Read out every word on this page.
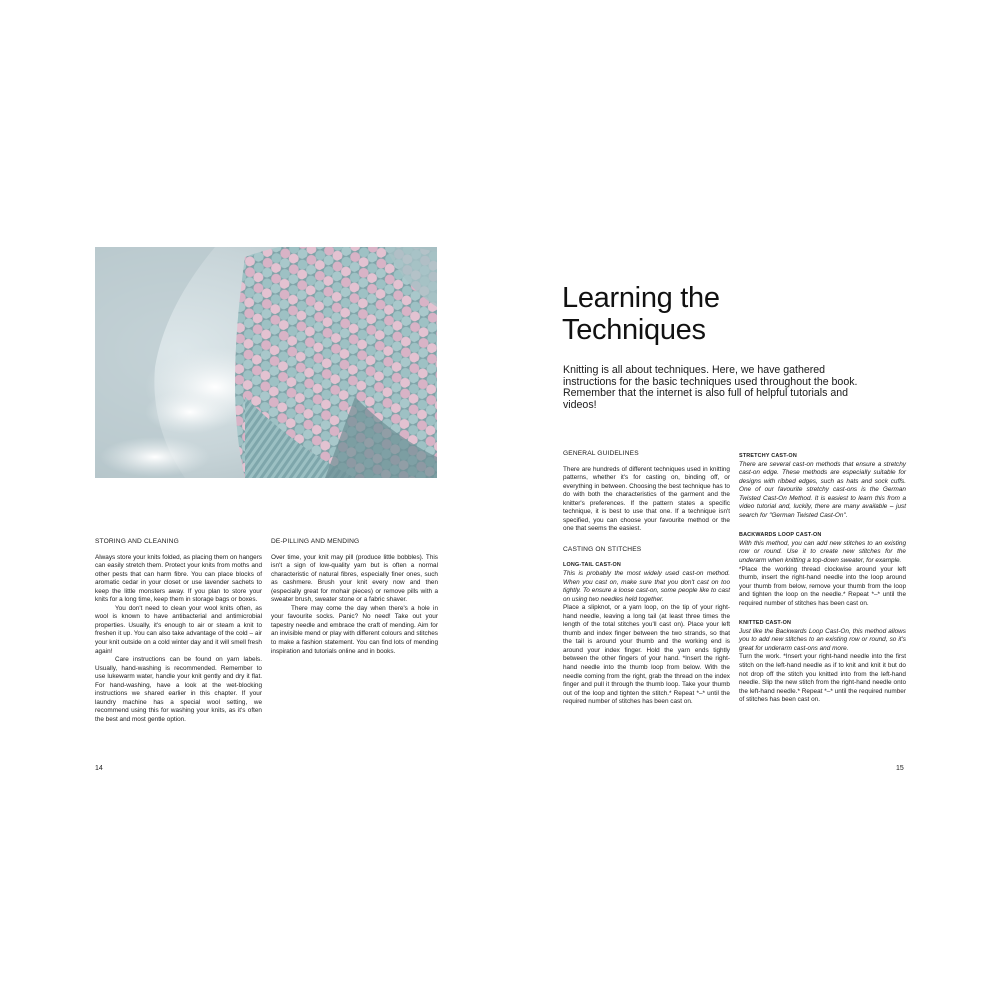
STORING AND CLEANING

Always store your knits folded, as placing them on hangers can easily stretch them. Protect your knits from moths and other pests that can harm fibre. You can place blocks of aromatic cedar in your closet or use lavender sachets to keep the little monsters away. If you plan to store your knits for a long time, keep them in storage bags or boxes.

You don't need to clean your wool knits often, as wool is known to have antibacterial and antimicrobial properties. Usually, it's enough to air or steam a knit to freshen it up. You can also take advantage of the cold – air your knit outside on a cold winter day and it will smell fresh again!

Care instructions can be found on yarn labels. Usually, hand-washing is recommended. Remember to use lukewarm water, handle your knit gently and dry it flat. For hand-washing, have a look at the wet-blocking instructions we shared earlier in this chapter. If your laundry machine has a special wool setting, we recommend using this for washing your knits, as it's often the best and most gentle option.

DE-PILLING AND MENDING

Over time, your knit may pill (produce little bobbles). This isn't a sign of low-quality yarn but is often a normal characteristic of natural fibres, especially finer ones, such as cashmere. Brush your knit every now and then (especially great for mohair pieces) or remove pills with a sweater brush, sweater stone or a fabric shaver.

There may come the day when there's a hole in your favourite socks. Panic? No need! Take out your tapestry needle and embrace the craft of mending. Aim for an invisible mend or play with different colours and stitches to make a fashion statement. You can find lots of mending inspiration and tutorials online and in books.

14
Learning the
Techniques

Knitting is all about techniques. Here, we have gathered instructions for the basic techniques used throughout the book. Remember that the internet is also full of helpful tutorials and videos!

GENERAL GUIDELINES

There are hundreds of different techniques used in knitting patterns, whether it's for casting on, binding off, or everything in between. Choosing the best technique has to do with both the characteristics of the garment and the knitter's preferences. If the pattern states a specific technique, it is best to use that one. If a technique isn't specified, you can choose your favourite method or the one that seems the easiest.

CASTING ON STITCHES
LONG-TAIL CAST-ON

This is probably the most widely used cast-on method. When you cast on, make sure that you don't cast on too tightly. To ensure a loose cast-on, some people like to cast on using two needles held together.

Place a slipknot, or a yarn loop, on the tip of your right-hand needle, leaving a long tail (at least three times the length of the total stitches you'll cast on). Place your left thumb and index finger between the two strands, so that the tail is around your thumb and the working end is around your index finger. Hold the yarn ends tightly between the other fingers of your hand. *Insert the right-hand needle into the thumb loop from below. With the needle coming from the right, grab the thread on the index finger and pull it through the thumb loop. Take your thumb out of the loop and tighten the stitch.* Repeat *–* until the required number of stitches has been cast on.

STRETCHY CAST-ON

There are several cast-on methods that ensure a stretchy cast-on edge. These methods are especially suitable for designs with ribbed edges, such as hats and sock cuffs. One of our favourite stretchy cast-ons is the German Twisted Cast-On Method. It is easiest to learn this from a video tutorial and, luckily, there are many available – just search for "German Twisted Cast-On".

BACKWARDS LOOP CAST-ON

With this method, you can add new stitches to an existing row or round. Use it to create new stitches for the underarm when knitting a top-down sweater, for example.

*Place the working thread clockwise around your left thumb, insert the right-hand needle into the loop around your thumb from below, remove your thumb from the loop and tighten the loop on the needle.* Repeat *–* until the required number of stitches has been cast on.

KNITTED CAST-ON

Just like the Backwards Loop Cast-On, this method allows you to add new stitches to an existing row or round, so it's great for underarm cast-ons and more.

Turn the work. *Insert your right-hand needle into the first stitch on the left-hand needle as if to knit and knit it but do not drop off the stitch you knitted into from the left-hand needle. Slip the new stitch from the right-hand needle onto the left-hand needle.* Repeat *–* until the required number of stitches has been cast on.

15
